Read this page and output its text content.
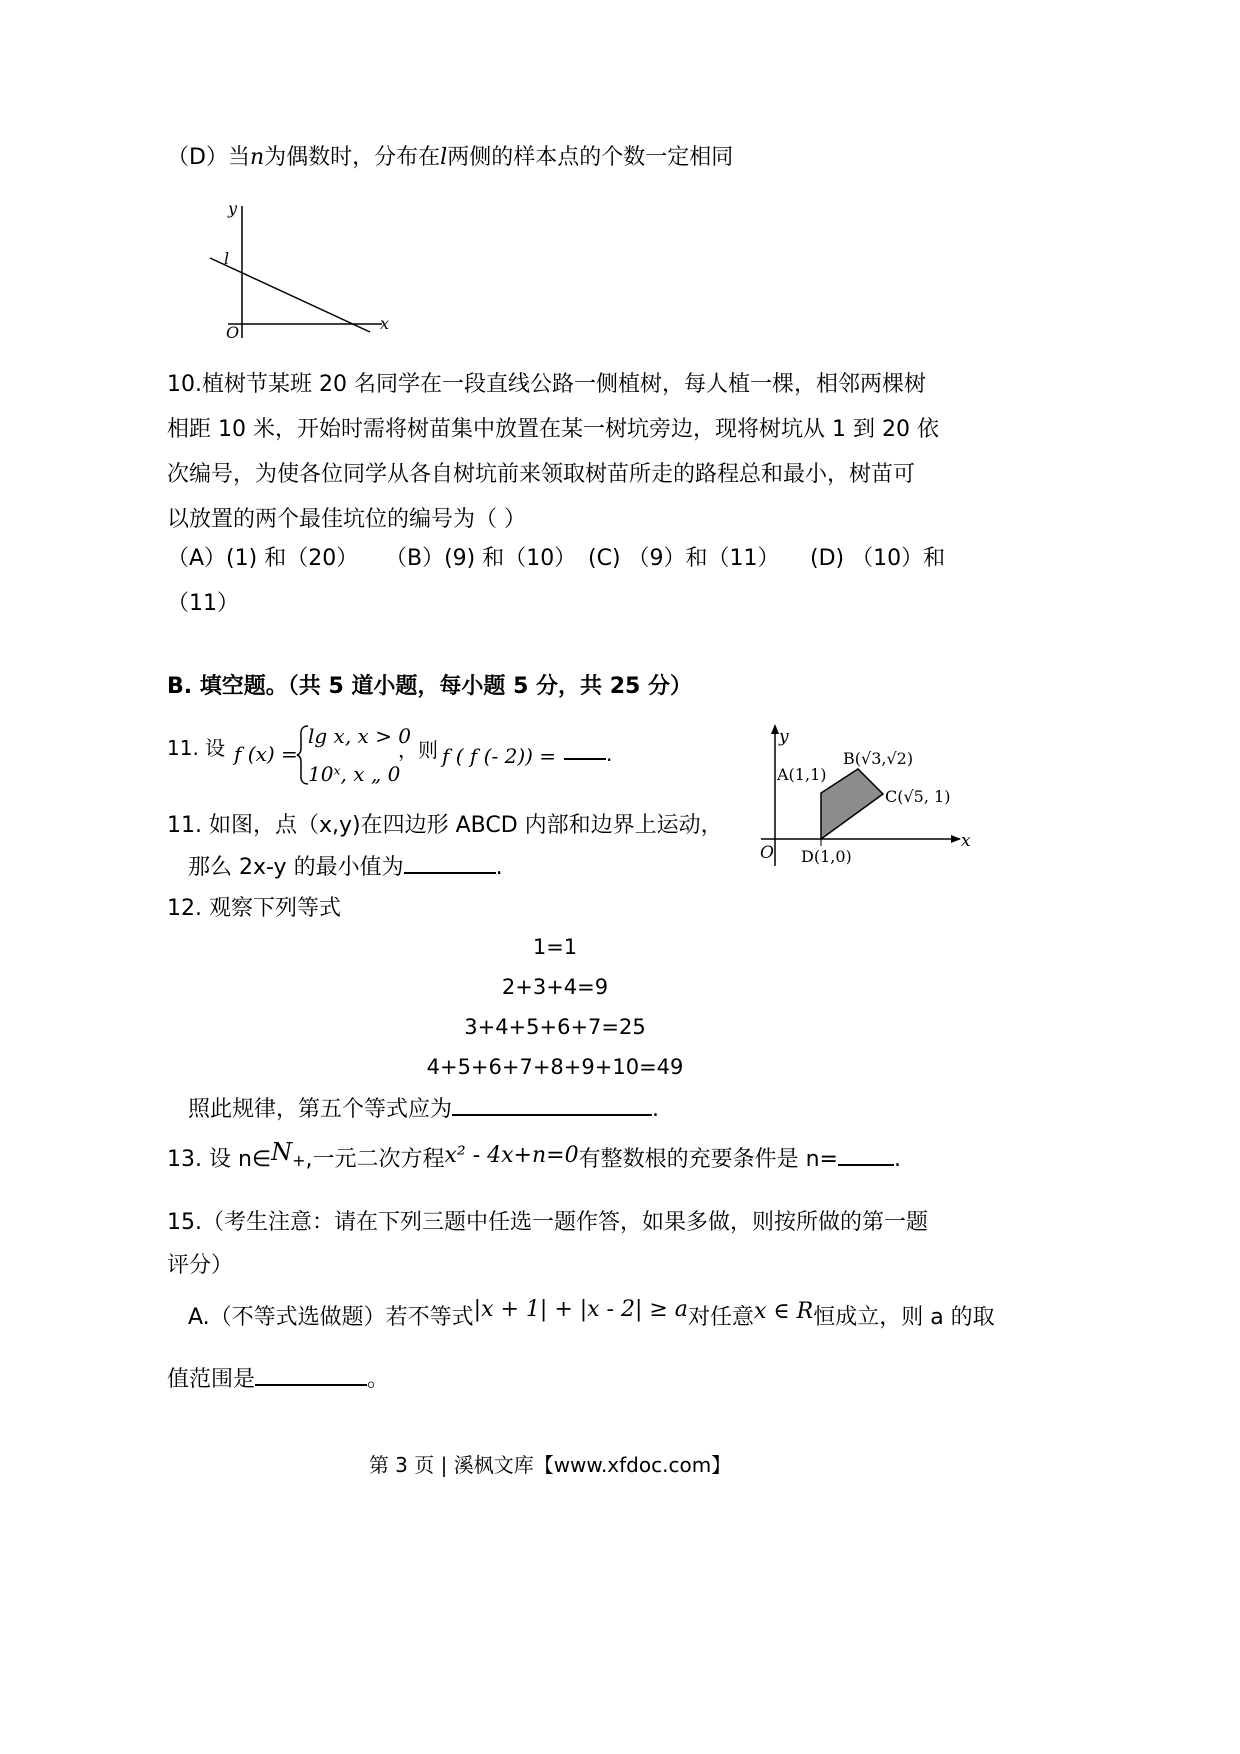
（D）当n为偶数时，分布在l两侧的样本点的个数一定相同
y
x
O
l
10.植树节某班 20 名同学在一段直线公路一侧植树，每人植一棵，相邻两棵树
相距 10 米，开始时需将树苗集中放置在某一树坑旁边，现将树坑从 1 到 20 依
次编号，为使各位同学从各自树坑前来领取树苗所走的路程总和最小，树苗可
以放置的两个最佳坑位的编号为（ ）
（A）(1) 和（20） （B）(9) 和（10） (C) （9）和（11） (D) （10）和
（11）
B. 填空题。（共 5 道小题，每小题 5 分，共 25 分）
11. 设 f (x) =
lg x, x > 0
10ˣ, x „ 0
，则 f ( f (- 2)) = .
11. 如图，点（x,y)在四边形 ABCD 内部和边界上运动，
那么 2x-y 的最小值为	.
y
x
O
A(1,1)
B(√3,√2)
C(√5, 1)
D(1,0)
12. 观察下列等式
1=1
2+3+4=9
3+4+5+6+7=25
4+5+6+7+8+9+10=49
照此规律，第五个等式应为	.
13. 设 n∈N+,一元二次方程x² - 4x+n=0有整数根的充要条件是 n=	.
15.（考生注意：请在下列三题中任选一题作答，如果多做，则按所做的第一题
评分）
A.（不等式选做题）若不等式|x + 1| + |x - 2| ≥ a对任意x ∈ R恒成立，则 a 的取
值范围是	。
第 3 页 | 溪枫文库【www.xfdoc.com】
